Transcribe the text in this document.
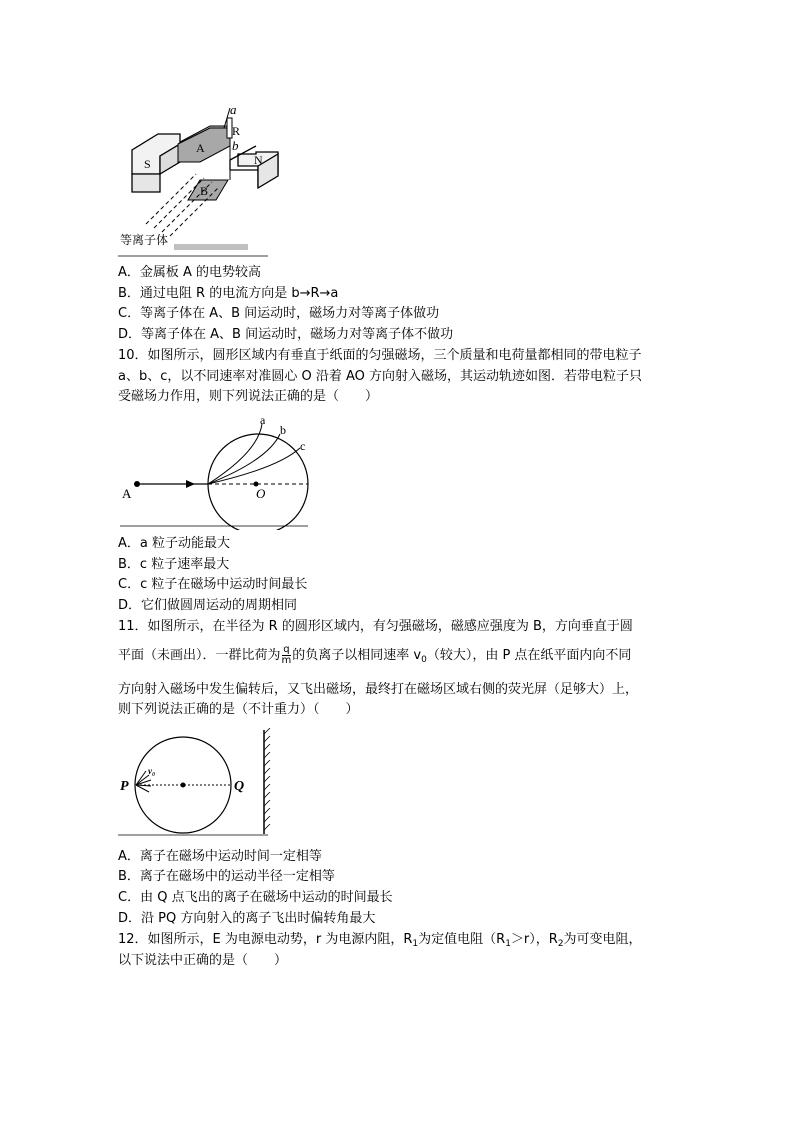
a
R
b
S	N
A
B
等离子体
A．金属板 A 的电势较高
B．通过电阻 R 的电流方向是 b→R→a
C．等离子体在 A、B 间运动时，磁场力对等离子体做功
D．等离子体在 A、B 间运动时，磁场力对等离子体不做功
10．如图所示，圆形区域内有垂直于纸面的匀强磁场，三个质量和电荷量都相同的带电粒子
a、b、c，以不同速率对准圆心 O 沿着 AO 方向射入磁场，其运动轨迹如图．若带电粒子只
受磁场力作用，则下列说法正确的是（　　）
A	O
a
b
c
A．a 粒子动能最大
B．c 粒子速率最大
C．c 粒子在磁场中运动时间最长
D．它们做圆周运动的周期相同
11．如图所示，在半径为 R 的圆形区域内，有匀强磁场，磁感应强度为 B，方向垂直于圆
平面（未画出）．一群比荷为 $\frac{q}{m}$ 的负离子以相同速率 $v_0$（较大），由 P 点在纸平面内向不同
方向射入磁场中发生偏转后，又飞出磁场，最终打在磁场区域右侧的荧光屏（足够大）上，
则下列说法正确的是（不计重力）（　　）
P	Q
v₀
A．离子在磁场中运动时间一定相等
B．离子在磁场中的运动半径一定相等
C．由 Q 点飞出的离子在磁场中运动的时间最长
D．沿 PQ 方向射入的离子飞出时偏转角最大
12．如图所示，E 为电源电动势，r 为电源内阻，$R_1$为定值电阻$(R_1>r)$，$R_2$为可变电阻，
以下说法中正确的是（　　）
